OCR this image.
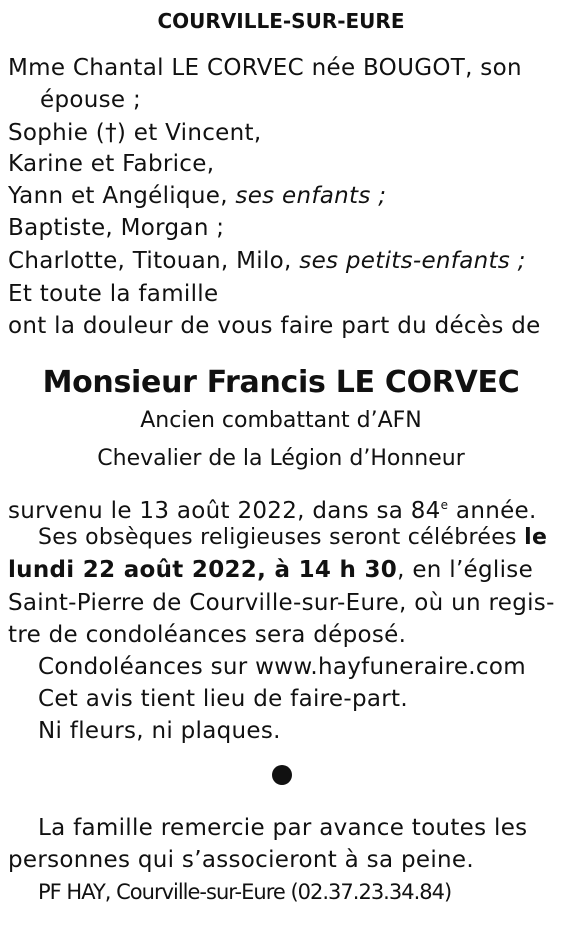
COURVILLE-SUR-EURE
Mme Chantal LE CORVEC née BOUGOT, son
épouse ;
Sophie (†) et Vincent,
Karine et Fabrice,
Yann et Angélique, ses enfants ;
Baptiste, Morgan ;
Charlotte, Titouan, Milo, ses petits-enfants ;
Et toute la famille
ont la douleur de vous faire part du décès de
Monsieur Francis LE CORVEC
Ancien combattant d’AFN
Chevalier de la Légion d’Honneur
survenu le 13 août 2022, dans sa 84e année.
Ses obsèques religieuses seront célébrées le
lundi 22 août 2022, à 14 h 30, en l’église
Saint-Pierre de Courville-sur-Eure, où un regis-
tre de condoléances sera déposé.
Condoléances sur www.hayfuneraire.com
Cet avis tient lieu de faire-part.
Ni fleurs, ni plaques.
La famille remercie par avance toutes les
personnes qui s’associeront à sa peine.
PF HAY, Courville-sur-Eure (02.37.23.34.84)
